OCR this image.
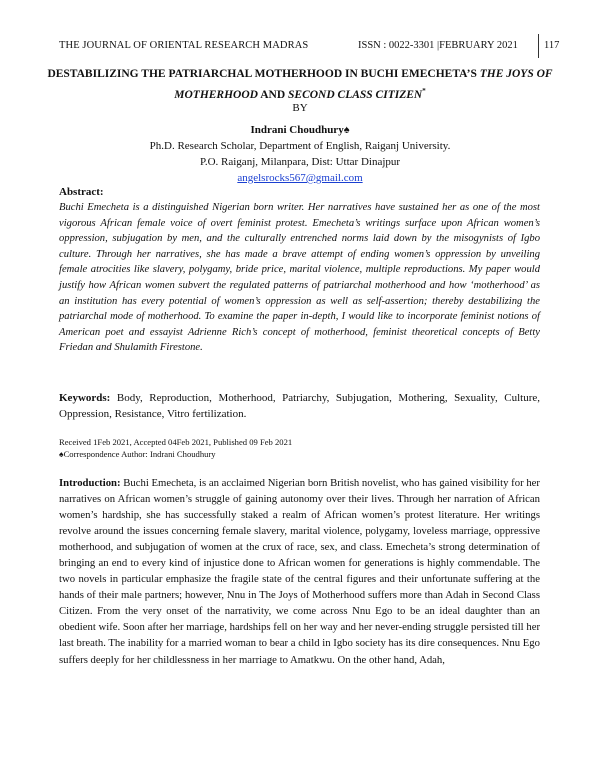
THE JOURNAL OF ORIENTAL RESEARCH MADRAS	ISSN : 0022-3301 |FEBRUARY 2021 117
DESTABILIZING THE PATRIARCHAL MOTHERHOOD IN BUCHI EMECHETA’S THE JOYS OF MOTHERHOOD AND SECOND CLASS CITIZEN*
BY
Indrani Choudhury♠
Ph.D. Research Scholar, Department of English, Raiganj University.
P.O. Raiganj, Milanpara, Dist: Uttar Dinajpur
angelsrocks567@gmail.com
Abstract:
Buchi Emecheta is a distinguished Nigerian born writer. Her narratives have sustained her as one of the most vigorous African female voice of overt feminist protest. Emecheta’s writings surface upon African women’s oppression, subjugation by men, and the culturally entrenched norms laid down by the misogynists of Igbo culture. Through her narratives, she has made a brave attempt of ending women’s oppression by unveiling female atrocities like slavery, polygamy, bride price, marital violence, multiple reproductions. My paper would justify how African women subvert the regulated patterns of patriarchal motherhood and how ‘motherhood’ as an institution has every potential of women’s oppression as well as self-assertion; thereby destabilizing the patriarchal mode of motherhood. To examine the paper in-depth, I would like to incorporate feminist notions of American poet and essayist Adrienne Rich’s concept of motherhood, feminist theoretical concepts of Betty Friedan and Shulamith Firestone.
Keywords: Body, Reproduction, Motherhood, Patriarchy, Subjugation, Mothering, Sexuality, Culture, Oppression, Resistance, Vitro fertilization.
Received 1Feb 2021, Accepted 04Feb 2021, Published 09 Feb 2021
♠Correspondence Author: Indrani Choudhury
Introduction: Buchi Emecheta, is an acclaimed Nigerian born British novelist, who has gained visibility for her narratives on African women’s struggle of gaining autonomy over their lives. Through her narration of African women’s hardship, she has successfully staked a realm of African women’s protest literature. Her writings revolve around the issues concerning female slavery, marital violence, polygamy, loveless marriage, oppressive motherhood, and subjugation of women at the crux of race, sex, and class. Emecheta’s strong determination of bringing an end to every kind of injustice done to African women for generations is highly commendable. The two novels in particular emphasize the fragile state of the central figures and their unfortunate suffering at the hands of their male partners; however, Nnu in The Joys of Motherhood suffers more than Adah in Second Class Citizen. From the very onset of the narrativity, we come across Nnu Ego to be an ideal daughter than an obedient wife. Soon after her marriage, hardships fell on her way and her never-ending struggle persisted till her last breath. The inability for a married woman to bear a child in Igbo society has its dire consequences. Nnu Ego suffers deeply for her childlessness in her marriage to Amatkwu. On the other hand, Adah,
